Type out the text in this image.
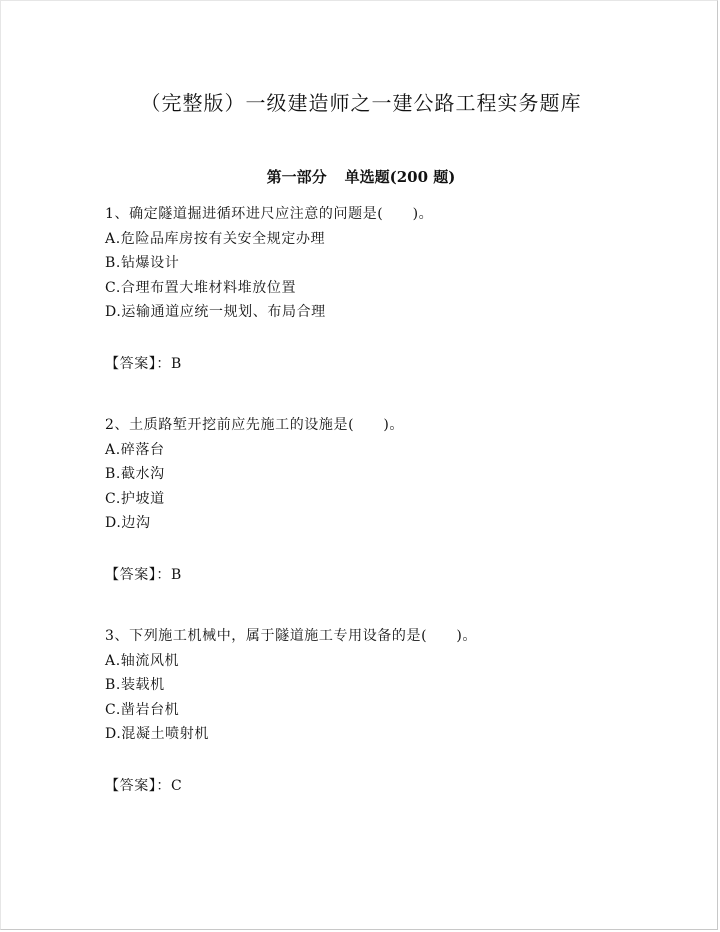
（完整版）一级建造师之一建公路工程实务题库
第一部分 单选题(200 题)
1、确定隧道掘进循环进尺应注意的问题是(　　)。
A.危险品库房按有关安全规定办理
B.钻爆设计
C.合理布置大堆材料堆放位置
D.运输通道应统一规划、布局合理
【答案】：B
2、土质路堑开挖前应先施工的设施是(　　)。
A.碎落台
B.截水沟
C.护坡道
D.边沟
【答案】：B
3、下列施工机械中，属于隧道施工专用设备的是(　　)。
A.轴流风机
B.装载机
C.凿岩台机
D.混凝土喷射机
【答案】：C
